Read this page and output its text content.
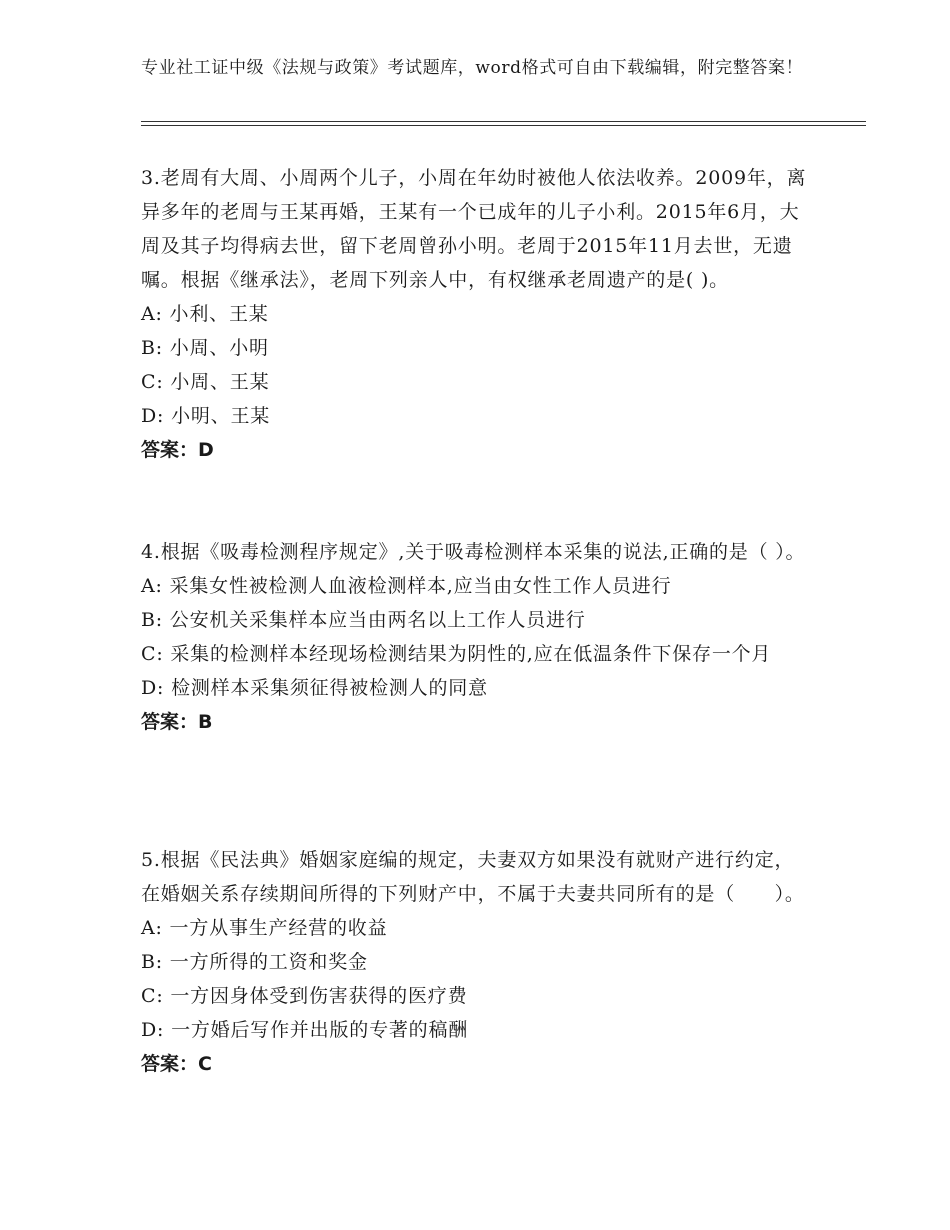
专业社工证中级《法规与政策》考试题库，word格式可自由下载编辑，附完整答案！

3.老周有大周、小周两个儿子，小周在年幼时被他人依法收养。2009年，离异多年的老周与王某再婚，王某有一个已成年的儿子小利。2015年6月，大周及其子均得病去世，留下老周曾孙小明。老周于2015年11月去世，无遗嘱。根据《继承法》，老周下列亲人中，有权继承老周遗产的是( )。

A: 小利、王某

B: 小周、小明

C: 小周、王某

D: 小明、王某

答案：D

4.根据《吸毒检测程序规定》,关于吸毒检测样本采集的说法,正确的是（ ）。

A: 采集女性被检测人血液检测样本,应当由女性工作人员进行

B: 公安机关采集样本应当由两名以上工作人员进行

C: 采集的检测样本经现场检测结果为阴性的,应在低温条件下保存一个月

D: 检测样本采集须征得被检测人的同意

答案：B

5.根据《民法典》婚姻家庭编的规定，夫妻双方如果没有就财产进行约定，在婚姻关系存续期间所得的下列财产中，不属于夫妻共同所有的是（　　）。

A: 一方从事生产经营的收益

B: 一方所得的工资和奖金

C: 一方因身体受到伤害获得的医疗费

D: 一方婚后写作并出版的专著的稿酬

答案：C
